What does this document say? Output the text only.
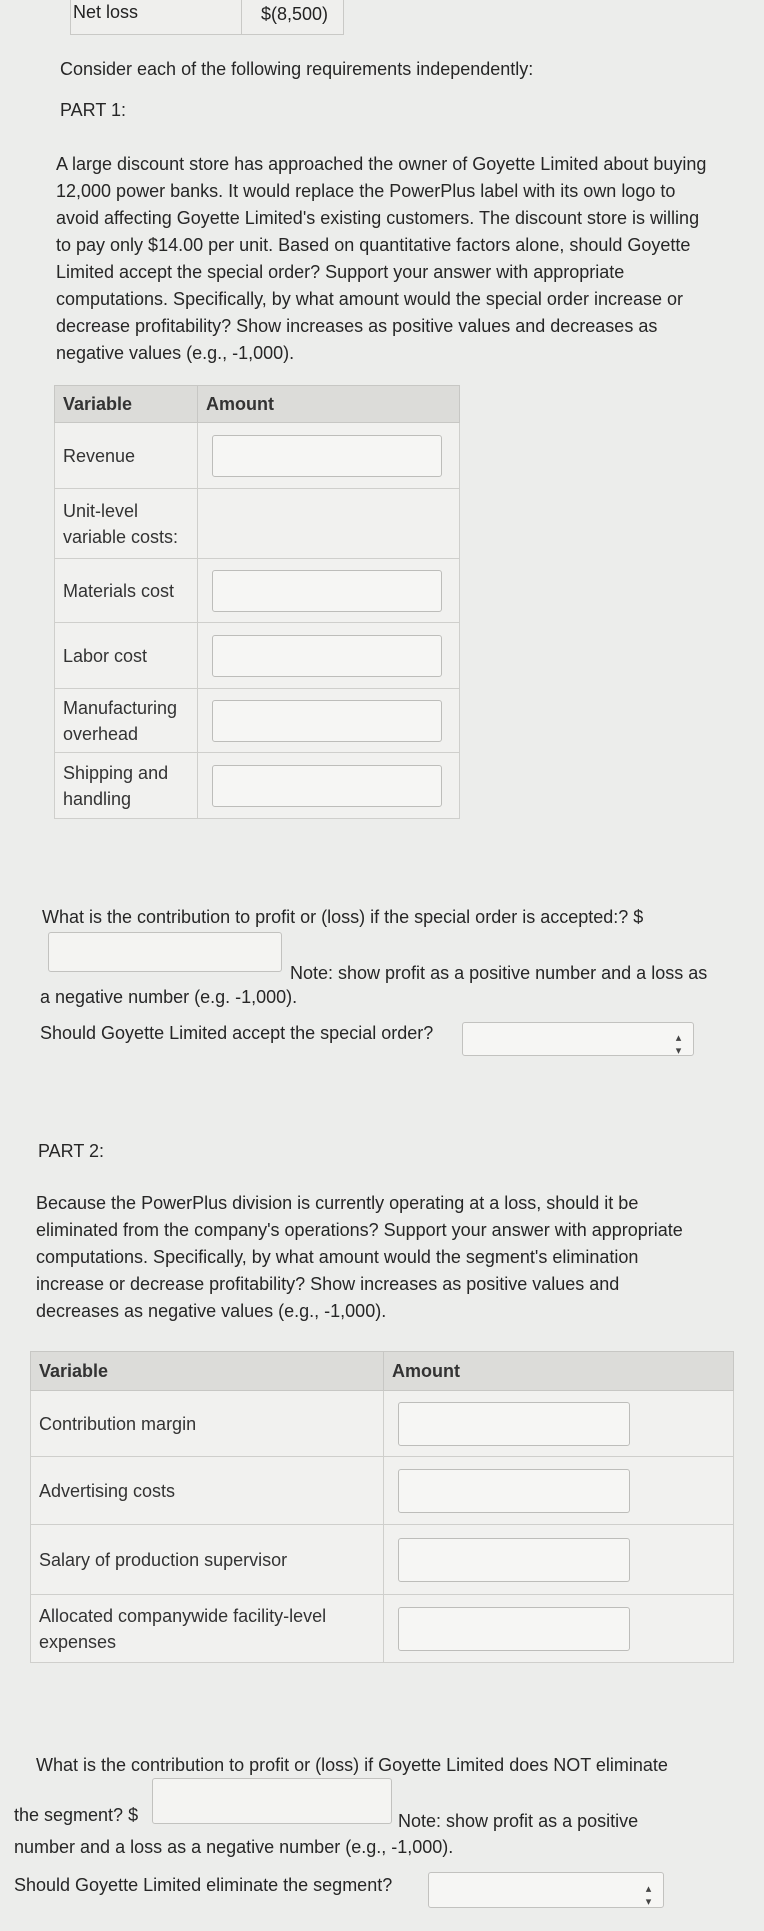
Net loss	$(8,500)
Consider each of the following requirements independently:
PART 1:
A large discount store has approached the owner of Goyette Limited about buying
12,000 power banks. It would replace the PowerPlus label with its own logo to
avoid affecting Goyette Limited's existing customers. The discount store is willing
to pay only $14.00 per unit. Based on quantitative factors alone, should Goyette
Limited accept the special order? Support your answer with appropriate
computations. Specifically, by what amount would the special order increase or
decrease profitability? Show increases as positive values and decreases as
negative values (e.g., -1,000).
Variable	Amount
Revenue	

Unit-level
variable costs:	

Materials cost	

Labor cost	

Manufacturing
overhead	

Shipping and
handling	

What is the contribution to profit or (loss) if the special order is accepted:? $
Note: show profit as a positive number and a loss as
a negative number (e.g. -1,000).
Should Goyette Limited accept the special order?	▴▾
PART 2:
Because the PowerPlus division is currently operating at a loss, should it be
eliminated from the company's operations? Support your answer with appropriate
computations. Specifically, by what amount would the segment's elimination
increase or decrease profitability? Show increases as positive values and
decreases as negative values (e.g., -1,000).
Variable	Amount
Contribution margin	

Advertising costs	

Salary of production supervisor	

Allocated companywide facility-level
expenses	

What is the contribution to profit or (loss) if Goyette Limited does NOT eliminate
the segment? $	Note: show profit as a positive
number and a loss as a negative number (e.g., -1,000).
Should Goyette Limited eliminate the segment?	▴▾
